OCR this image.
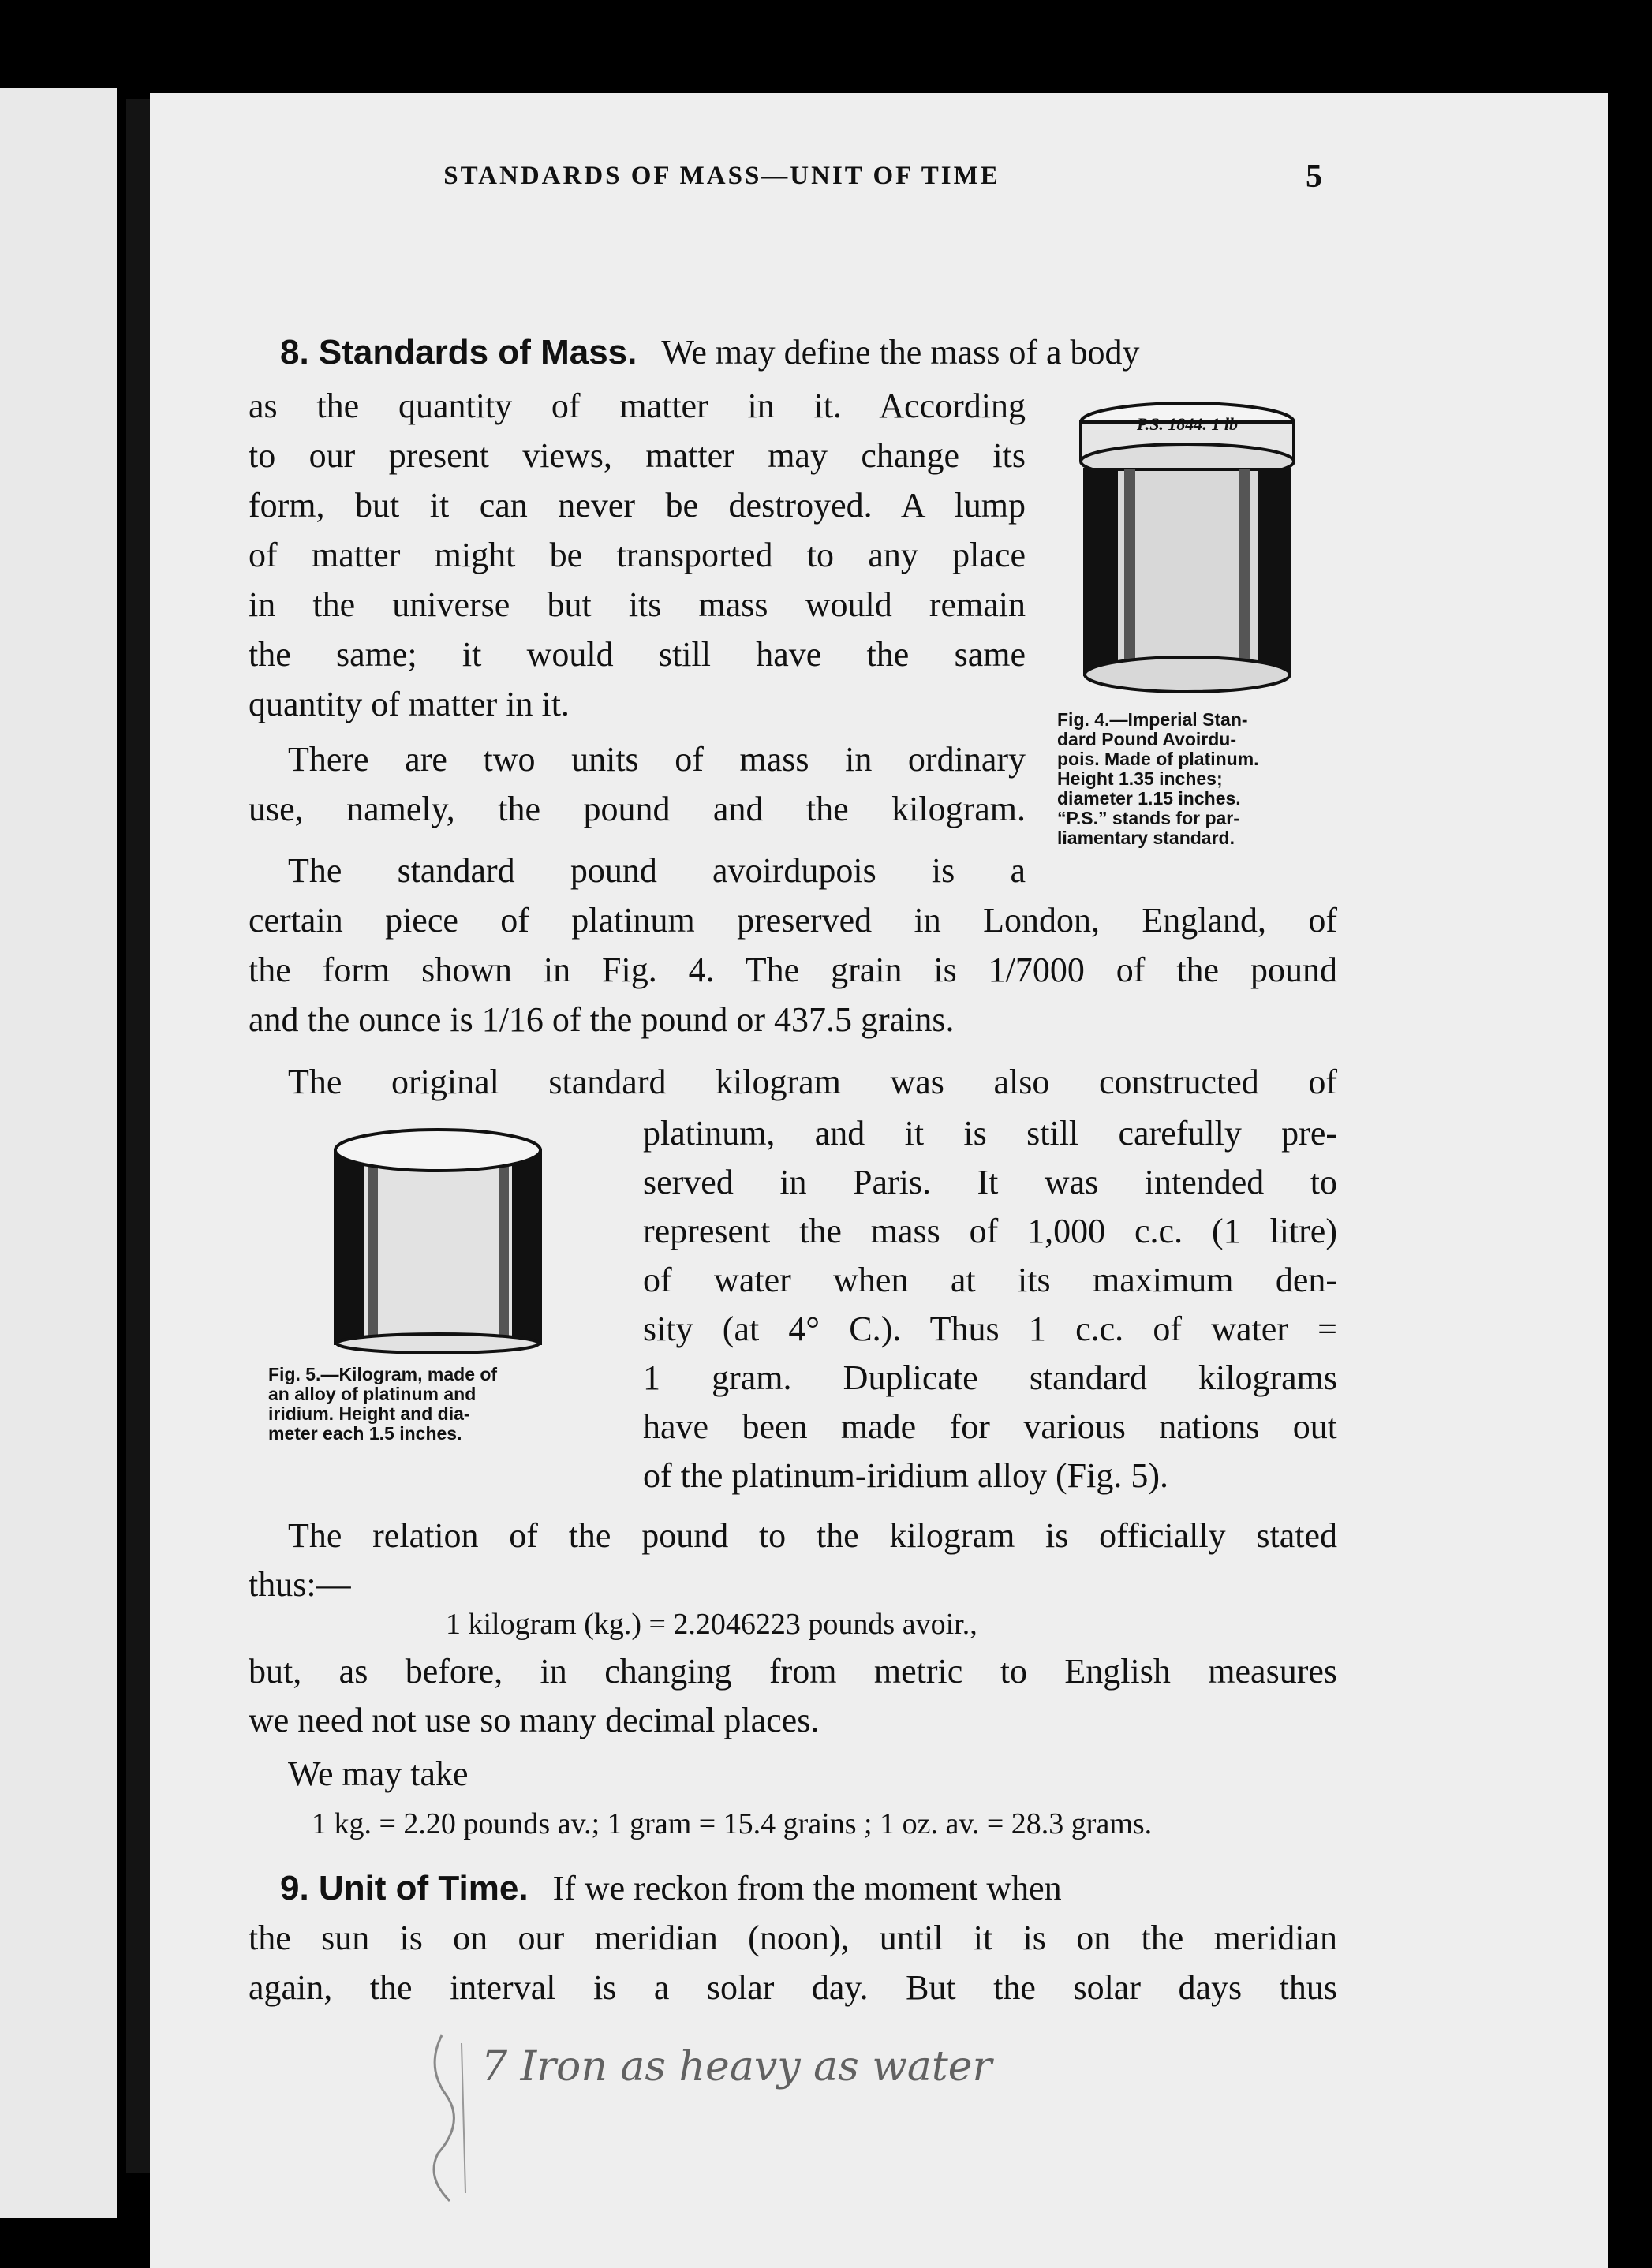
STANDARDS OF MASS—UNIT OF TIME	5
8. Standards of Mass. We may define the mass of a body
as the quantity of matter in it. According
to our present views, matter may change its
form, but it can never be destroyed. A lump
of matter might be transported to any place
in the universe but its mass would remain
the same; it would still have the same
quantity of matter in it.
There are two units of mass in ordinary
use, namely, the pound and the kilogram.
The standard pound avoirdupois is a
certain piece of platinum preserved in London, England, of
the form shown in Fig. 4. The grain is 1/7000 of the pound
and the ounce is 1/16 of the pound or 437.5 grains.
P.S. 1844. 1 lb
Fig. 4.—Imperial Stan-
dard Pound Avoirdu-
pois. Made of platinum.
Height 1.35 inches;
diameter 1.15 inches.
“P.S.” stands for par-
liamentary standard.
The original standard kilogram was also constructed of
platinum, and it is still carefully pre-
served in Paris. It was intended to
represent the mass of 1,000 c.c. (1 litre)
of water when at its maximum den-
sity (at 4° C.). Thus 1 c.c. of water =
1 gram. Duplicate standard kilograms
have been made for various nations out
of the platinum-iridium alloy (Fig. 5).
Fig. 5.—Kilogram, made of
an alloy of platinum and
iridium. Height and dia-
meter each 1.5 inches.
The relation of the pound to the kilogram is officially stated
thus:—
1 kilogram (kg.) = 2.2046223 pounds avoir.,
but, as before, in changing from metric to English measures
we need not use so many decimal places.
We may take
1 kg. = 2.20 pounds av.; 1 gram = 15.4 grains ; 1 oz. av. = 28.3 grams.
9. Unit of Time. If we reckon from the moment when
the sun is on our meridian (noon), until it is on the meridian
again, the interval is a solar day. But the solar days thus
7 Iron as heavy as water
